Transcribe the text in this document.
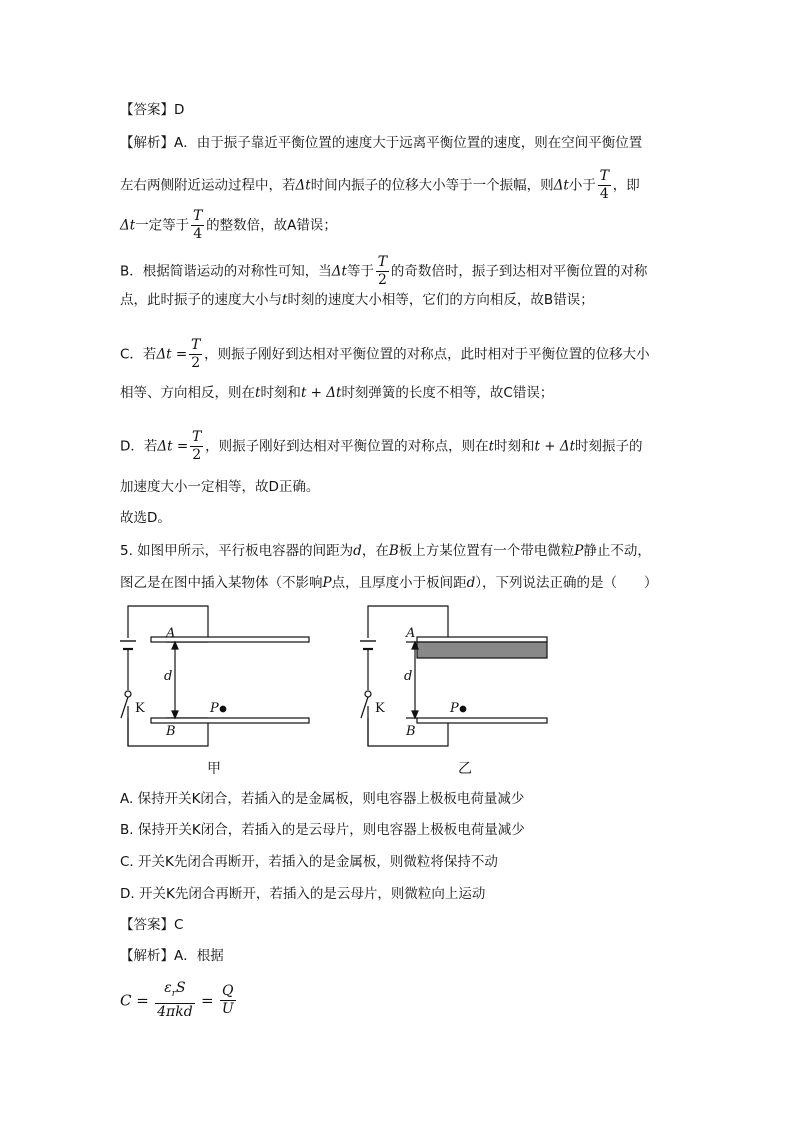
【答案】D
【解析】A．由于振子靠近平衡位置的速度大于远离平衡位置的速度，则在空间平衡位置
左右两侧附近运动过程中，若Δt时间内振子的位移大小等于一个振幅，则Δt小于 $\frac{T}{4}$ ，即
Δt一定等于 $\frac{T}{4}$ 的整数倍，故A错误；
B．根据简谐运动的对称性可知，当Δt等于 $\frac{T}{2}$ 的奇数倍时，振子到达相对平衡位置的对称
点，此时振子的速度大小与t时刻的速度大小相等，它们的方向相反，故B错误；
C．若$\Delta t = \frac{T}{2}$ ，则振子刚好到达相对平衡位置的对称点，此时相对于平衡位置的位移大小
相等、方向相反，则在t时刻和t + Δt时刻弹簧的长度不相等，故C错误；
D．若$\Delta t = \frac{T}{2}$ ，则振子刚好到达相对平衡位置的对称点，则在t时刻和t + Δt时刻振子的
加速度大小一定相等，故D正确。
故选D。
5. 如图甲所示，平行板电容器的间距为d，在B板上方某位置有一个带电微粒P静止不动，
图乙是在图中插入某物体（不影响P点，且厚度小于板间距d），下列说法正确的是（　　）
A
d
P
B
K
A
d
P
B
K
甲	乙
A. 保持开关K闭合，若插入的是金属板，则电容器上极板电荷量减少
B. 保持开关K闭合，若插入的是云母片，则电容器上极板电荷量减少
C. 开关K先闭合再断开，若插入的是金属板，则微粒将保持不动
D. 开关K先闭合再断开，若插入的是云母片，则微粒向上运动
【答案】C
【解析】A．根据
$C = \frac{\varepsilon_rS}{\text{4πkd}} = \frac{Q}{U}$
